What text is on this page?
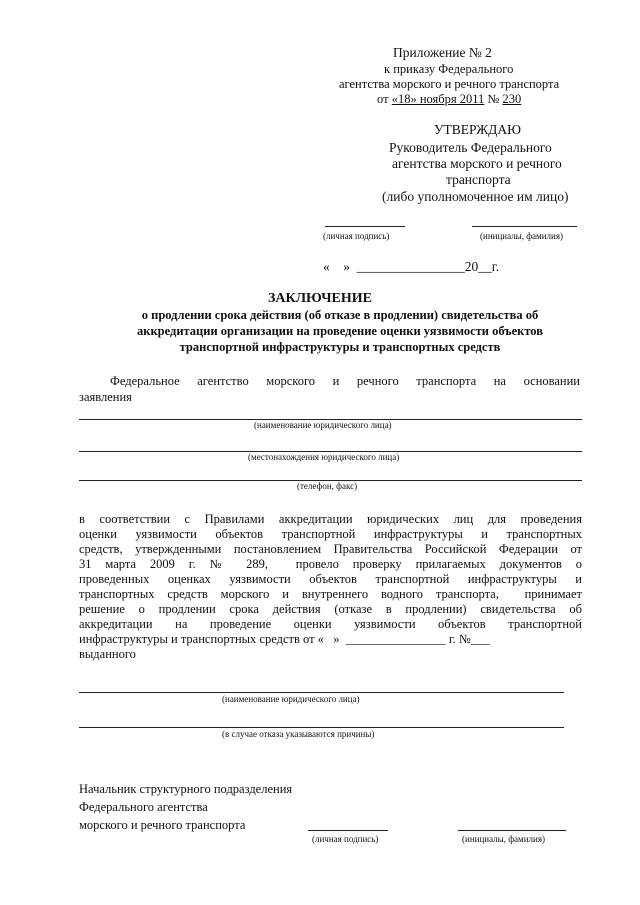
Приложение № 2
к приказу Федерального
агентства морского и речного транспорта
от «18» ноября 2011 № 230
УТВЕРЖДАЮ
Руководитель Федерального
агентства морского и речного
транспорта
(либо уполномоченное им лицо)
(личная подпись)	(инициалы, фамилия)
«    »  ________________20__г.
ЗАКЛЮЧЕНИЕ
о продлении срока действия (об отказе в продлении) свидетельства об
аккредитации организации на проведение оценки уязвимости объектов
транспортной инфраструктуры и транспортных средств
Федеральное агентство морского и речного транспорта на основании
заявления
(наименование юридического лица)
(местонахождения юридического лица)
(телефон, факс)
в соответствии с Правилами аккредитации юридических лиц для проведения
оценки уязвимости объектов транспортной инфраструктуры и транспортных
средств, утвержденными постановлением Правительства Российской Федерации от
31 марта 2009 г. № 289,  провело проверку прилагаемых документов о
проведенных оценках уязвимости объектов транспортной инфраструктуры и
транспортных средств морского и внутреннего водного транспорта,  принимает
решение о продлении срока действия (отказе в продлении) свидетельства об
аккредитации на проведение оценки уязвимости объектов транспортной
инфраструктуры и транспортных средств от «   »  ________________ г. №___
выданного
(наименование юридического лица)
(в случае отказа указываются причины)
Начальник структурного подразделения
Федерального агентства
морского и речного транспорта
(личная подпись)	(инициалы, фамилия)
